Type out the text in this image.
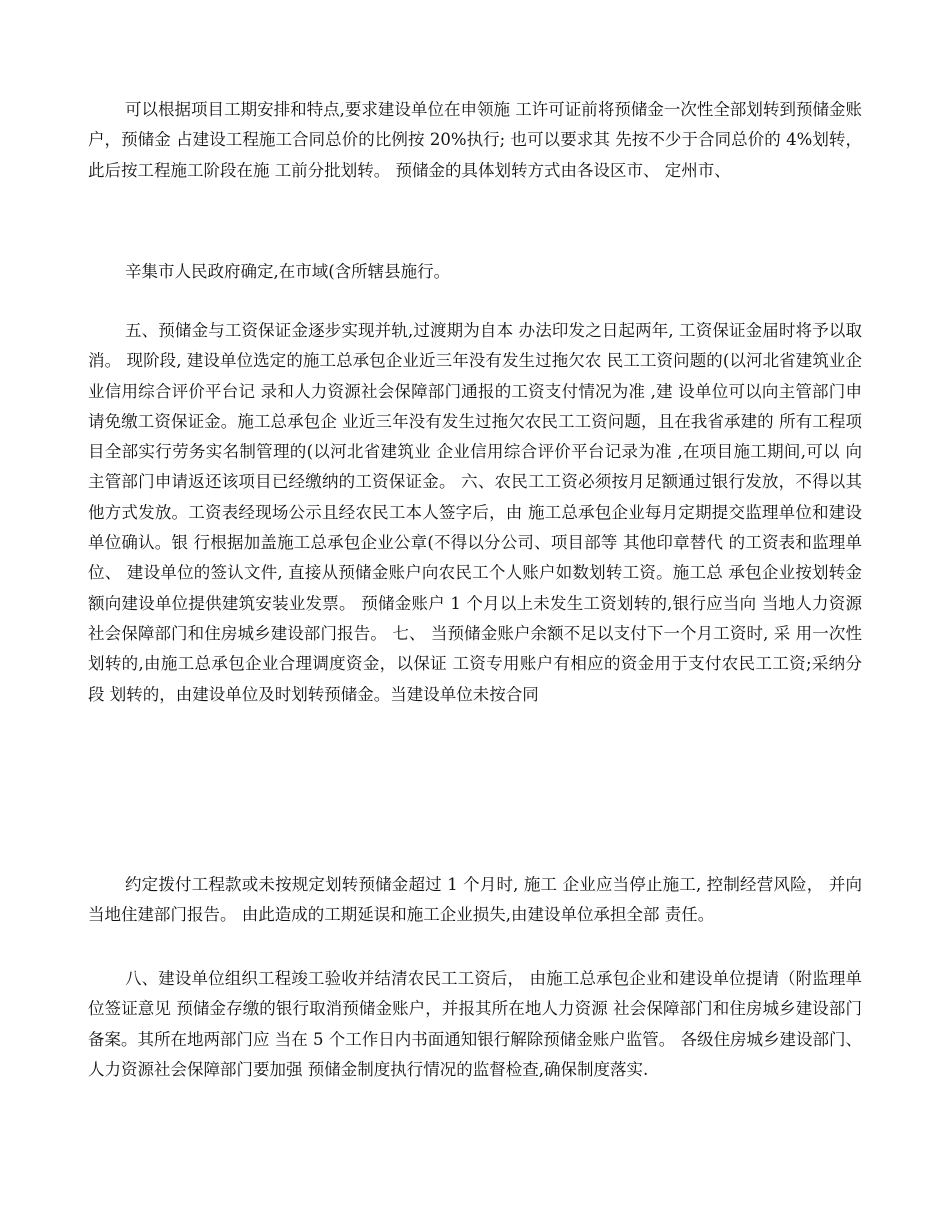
可以根据项目工期安排和特点,要求建设单位在申领施 工许可证前将预储金一次性全部划转到预储金账户，预储金 占建设工程施工合同总价的比例按 20%执行; 也可以要求其 先按不少于合同总价的 4%划转，此后按工程施工阶段在施 工前分批划转。 预储金的具体划转方式由各设区市、 定州市、

辛集市人民政府确定,在市域(含所辖县施行。

五、预储金与工资保证金逐步实现并轨,过渡期为自本 办法印发之日起两年, 工资保证金届时将予以取消。 现阶段, 建设单位选定的施工总承包企业近三年没有发生过拖欠农 民工工资问题的(以河北省建筑业企业信用综合评价平台记 录和人力资源社会保障部门通报的工资支付情况为准 ,建 设单位可以向主管部门申请免缴工资保证金。施工总承包企 业近三年没有发生过拖欠农民工工资问题，且在我省承建的 所有工程项目全部实行劳务实名制管理的(以河北省建筑业 企业信用综合评价平台记录为准 ,在项目施工期间,可以 向主管部门申请返还该项目已经缴纳的工资保证金。 六、农民工工资必须按月足额通过银行发放，不得以其 他方式发放。工资表经现场公示且经农民工本人签字后，由 施工总承包企业每月定期提交监理单位和建设单位确认。银 行根据加盖施工总承包企业公章(不得以分公司、项目部等 其他印章替代 的工资表和监理单位、 建设单位的签认文件, 直接从预储金账户向农民工个人账户如数划转工资。施工总 承包企业按划转金额向建设单位提供建筑安装业发票。 预储金账户 1 个月以上未发生工资划转的,银行应当向 当地人力资源社会保障部门和住房城乡建设部门报告。 七、 当预储金账户余额不足以支付下一个月工资时, 采 用一次性划转的,由施工总承包企业合理调度资金，以保证 工资专用账户有相应的资金用于支付农民工工资;采纳分段 划转的，由建设单位及时划转预储金。当建设单位未按合同

约定拨付工程款或未按规定划转预储金超过 1 个月时, 施工 企业应当停止施工, 控制经营风险， 并向当地住建部门报告。 由此造成的工期延误和施工企业损失,由建设单位承担全部 责任。

八、建设单位组织工程竣工验收并结清农民工工资后， 由施工总承包企业和建设单位提请（附监理单位签证意见 预储金存缴的银行取消预储金账户，并报其所在地人力资源 社会保障部门和住房城乡建设部门备案。其所在地两部门应 当在 5 个工作日内书面通知银行解除预储金账户监管。 各级住房城乡建设部门、人力资源社会保障部门要加强 预储金制度执行情况的监督检查,确保制度落实.
